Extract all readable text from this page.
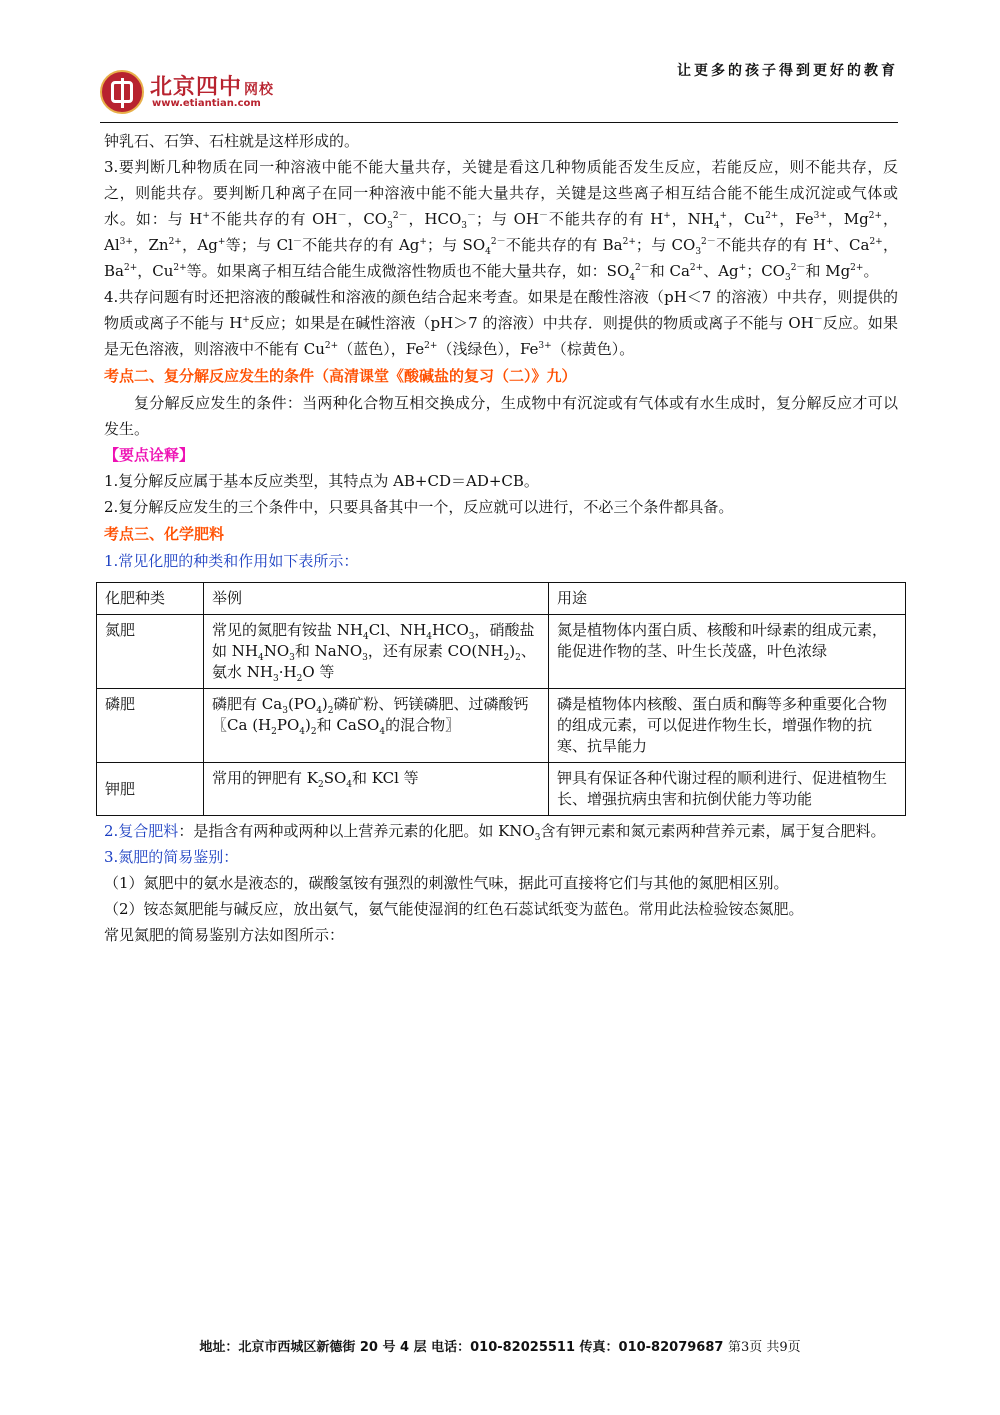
北京四中 网校
www.etiantian.com
让更多的孩子得到更好的教育

钟乳石、石笋、石柱就是这样形成的。

3.要判断几种物质在同一种溶液中能不能大量共存，关键是看这几种物质能否发生反应，若能反应，则不能共存，反之，则能共存。要判断几种离子在同一种溶液中能不能大量共存，关键是这些离子相互结合能不能生成沉淀或气体或水。如：与 H+不能共存的有 OH－，$CO_3^{2-}$，$HCO_3^-$；与 OH－不能共存的有 H+，$NH_4^+$，$Cu^{2+}$，$Fe^{3+}$，$Mg^{2+}$，$Al^{3+}$，$Zn^{2+}$，Ag+等；与 Cl－不能共存的有 Ag+；与 $SO_4^{2-}$不能共存的有 $Ba^{2+}$；与 $CO_3^{2-}$不能共存的有 H+、$Ca^{2+}$，$Ba^{2+}$，$Cu^{2+}$等。如果离子相互结合能生成微溶性物质也不能大量共存，如：$SO_4^{2-}$和 $Ca^{2+}$、Ag+；$CO_3^{2-}$和 $Mg^{2+}$。

4.共存问题有时还把溶液的酸碱性和溶液的颜色结合起来考查。如果是在酸性溶液（pH＜7 的溶液）中共存，则提供的物质或离子不能与 H+反应；如果是在碱性溶液（pH＞7 的溶液）中共存．则提供的物质或离子不能与 OH－反应。如果是无色溶液，则溶液中不能有 $Cu^{2+}$（蓝色），$Fe^{2+}$（浅绿色），$Fe^{3+}$（棕黄色）。

考点二、复分解反应发生的条件（高清课堂《酸碱盐的复习（二）》九）

复分解反应发生的条件：当两种化合物互相交换成分，生成物中有沉淀或有气体或有水生成时，复分解反应才可以发生。

【要点诠释】

1.复分解反应属于基本反应类型，其特点为 AB+CD＝AD+CB。

2.复分解反应发生的三个条件中，只要具备其中一个，反应就可以进行，不必三个条件都具备。

考点三、化学肥料

1.常见化肥的种类和作用如下表所示：

化肥种类	举例	用途
氮肥	常见的氮肥有铵盐 $NH_4Cl$、$NH_4HCO_3$，硝酸盐如 $NH_4NO_3$和 NaNO$_3$，还有尿素 $CO(NH_2)_2$、氨水 $NH_3\cdot H_2O$ 等	氮是植物体内蛋白质、核酸和叶绿素的组成元素，能促进作物的茎、叶生长茂盛，叶色浓绿
磷肥	磷肥有 $Ca_3(PO_4)_2$磷矿粉、钙镁磷肥、过磷酸钙〖Ca $(H_2PO_4)_2$和 CaSO$_4$的混合物〗	磷是植物体内核酸、蛋白质和酶等多种重要化合物的组成元素，可以促进作物生长，增强作物的抗寒、抗旱能力
钾肥	常用的钾肥有 $K_2SO_4$和 KCl 等	钾具有保证各种代谢过程的顺利进行、促进植物生长、增强抗病虫害和抗倒伏能力等功能

2.复合肥料：是指含有两种或两种以上营养元素的化肥。如 $KNO_3$含有钾元素和氮元素两种营养元素，属于复合肥料。

3.氮肥的简易鉴别：

（1）氮肥中的氨水是液态的，碳酸氢铵有强烈的刺激性气味，据此可直接将它们与其他的氮肥相区别。

（2）铵态氮肥能与碱反应，放出氨气，氨气能使湿润的红色石蕊试纸变为蓝色。常用此法检验铵态氮肥。

常见氮肥的简易鉴别方法如图所示：

地址：北京市西城区新德街 20 号 4 层 电话：010-82025511 传真：010-82079687 第3页 共9页
